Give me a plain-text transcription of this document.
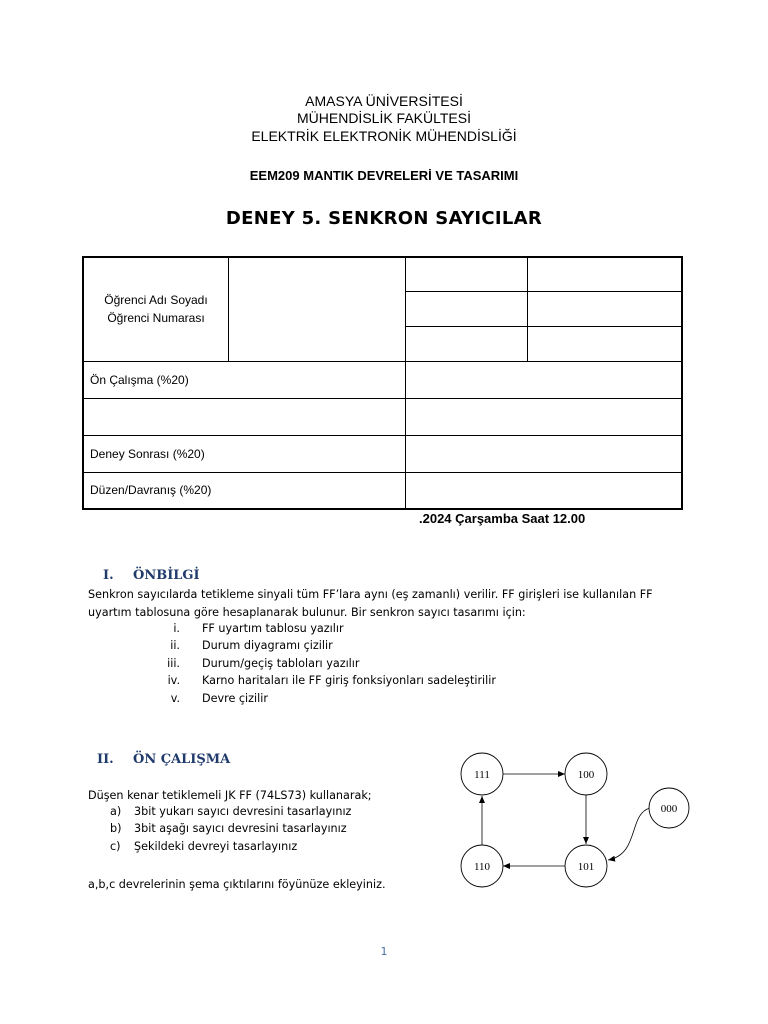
AMASYA ÜNİVERSİTESİ
MÜHENDİSLİK FAKÜLTESİ
ELEKTRİK ELEKTRONİK MÜHENDİSLİĞİ
EEM209 MANTIK DEVRELERİ VE TASARIMI
DENEY 5. SENKRON SAYICILAR
Öğrenci Adı Soyadı
Öğrenci Numarası			

Ön Çalışma (%20)			

Deney Sonrası (%20)			
Düzen/Davranış (%20)			
.2024 Çarşamba Saat 12.00
I. ÖNBİLGİ
Senkron sayıcılarda tetikleme sinyali tüm FF’lara aynı (eş zamanlı) verilir. FF girişleri ise kullanılan FF uyartım tablosuna göre hesaplanarak bulunur. Bir senkron sayıcı tasarımı için:
i. FF uyartım tablosu yazılır
ii. Durum diyagramı çizilir
iii. Durum/geçiş tabloları yazılır
iv. Karno haritaları ile FF giriş fonksiyonları sadeleştirilir
v. Devre çizilir
II. ÖN ÇALIŞMA
Düşen kenar tetiklemeli JK FF (74LS73) kullanarak;
a) 3bit yukarı sayıcı devresini tasarlayınız
b) 3bit aşağı sayıcı devresini tasarlayınız
c) Şekildeki devreyi tasarlayınız
a,b,c devrelerinin şema çıktılarını föyünüze ekleyiniz.
111	100
000
110	101
1
